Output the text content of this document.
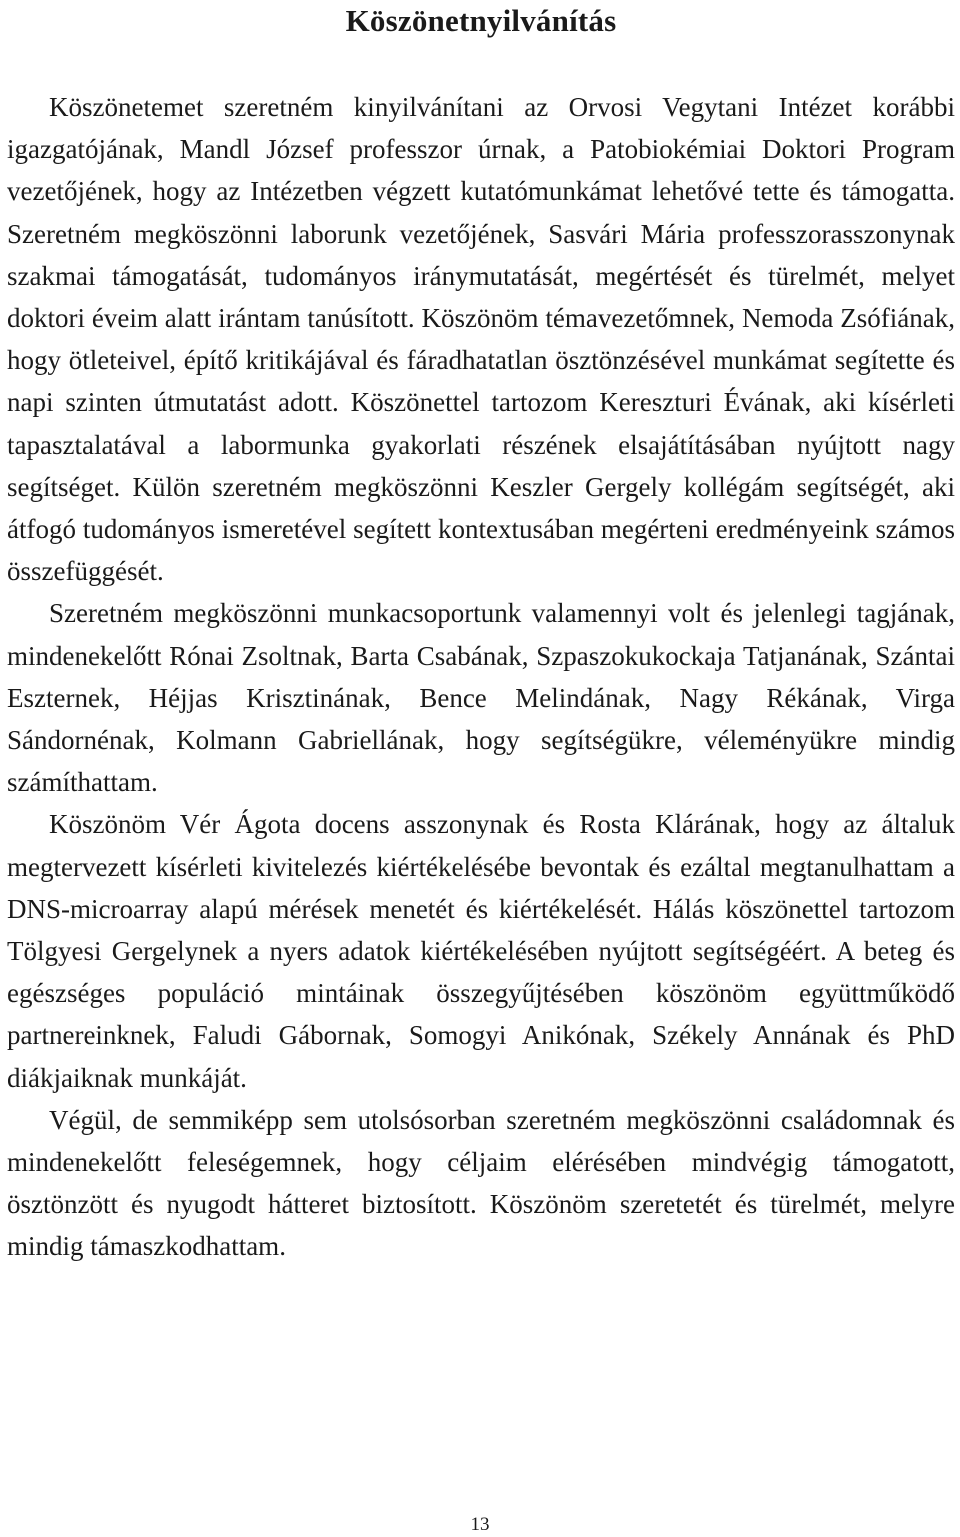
Köszönetnyilvánítás

Köszönetemet szeretném kinyilvánítani az Orvosi Vegytani Intézet korábbi igazgatójának, Mandl József professzor úrnak, a Patobiokémiai Doktori Program vezetőjének, hogy az Intézetben végzett kutatómunkámat lehetővé tette és támogatta. Szeretném megköszönni laborunk vezetőjének, Sasvári Mária professzorasszonynak szakmai támogatását, tudományos iránymutatását, megértését és türelmét, melyet doktori éveim alatt irántam tanúsított. Köszönöm témavezetőmnek, Nemoda Zsófiának, hogy ötleteivel, építő kritikájával és fáradhatatlan ösztönzésével munkámat segítette és napi szinten útmutatást adott. Köszönettel tartozom Kereszturi Évának, aki kísérleti tapasztalatával a labormunka gyakorlati részének elsajátításában nyújtott nagy segítséget. Külön szeretném megköszönni Keszler Gergely kollégám segítségét, aki átfogó tudományos ismeretével segített kontextusában megérteni eredményeink számos összefüggését.

Szeretném megköszönni munkacsoportunk valamennyi volt és jelenlegi tagjának, mindenekelőtt Rónai Zsoltnak, Barta Csabának, Szpaszokukockaja Tatjanának, Szántai Eszternek, Héjjas Krisztinának, Bence Melindának, Nagy Rékának, Virga Sándornénak, Kolmann Gabriellának, hogy segítségükre, véleményükre mindig számíthattam.

Köszönöm Vér Ágota docens asszonynak és Rosta Klárának, hogy az általuk megtervezett kísérleti kivitelezés kiértékelésébe bevontak és ezáltal megtanulhattam a DNS-microarray alapú mérések menetét és kiértékelését. Hálás köszönettel tartozom Tölgyesi Gergelynek a nyers adatok kiértékelésében nyújtott segítségéért. A beteg és egészséges populáció mintáinak összegyűjtésében köszönöm együttműködő partnereinknek, Faludi Gábornak, Somogyi Anikónak, Székely Annának és PhD diákjaiknak munkáját.

Végül, de semmiképp sem utolsósorban szeretném megköszönni családomnak és mindenekelőtt feleségemnek, hogy céljaim elérésében mindvégig támogatott, ösztönzött és nyugodt hátteret biztosított. Köszönöm szeretetét és türelmét, melyre mindig támaszkodhattam.

13
